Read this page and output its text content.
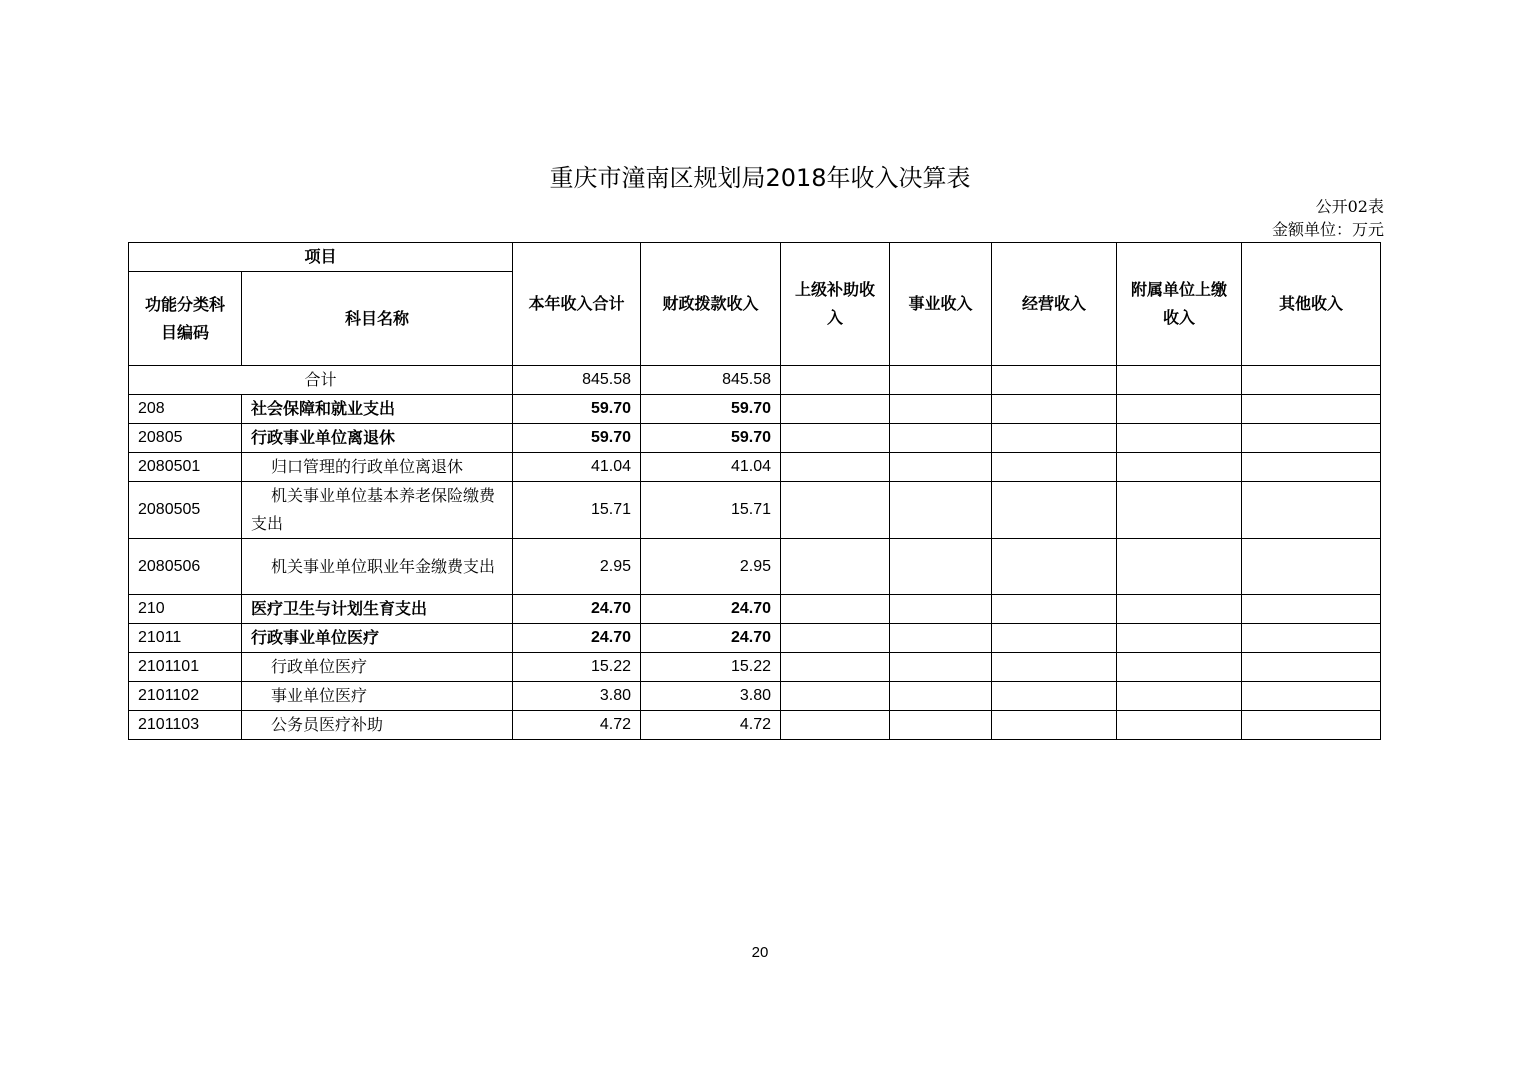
重庆市潼南区规划局2018年收入决算表
公开02表
金额单位：万元
项目		本年收入合计	财政拨款收入	上级补助收入	事业收入	经营收入	附属单位上缴收入	其他收入
功能分类科目编码	科目名称							
合计		845.58	845.58					
208	社会保障和就业支出	59.70	59.70					
20805	行政事业单位离退休	59.70	59.70					
2080501	归口管理的行政单位离退休	41.04	41.04					
2080505	机关事业单位基本养老保险缴费支出	15.71	15.71					
2080506	机关事业单位职业年金缴费支出	2.95	2.95					
210	医疗卫生与计划生育支出	24.70	24.70					
21011	行政事业单位医疗	24.70	24.70					
2101101	行政单位医疗	15.22	15.22					
2101102	事业单位医疗	3.80	3.80					
2101103	公务员医疗补助	4.72	4.72					
20
